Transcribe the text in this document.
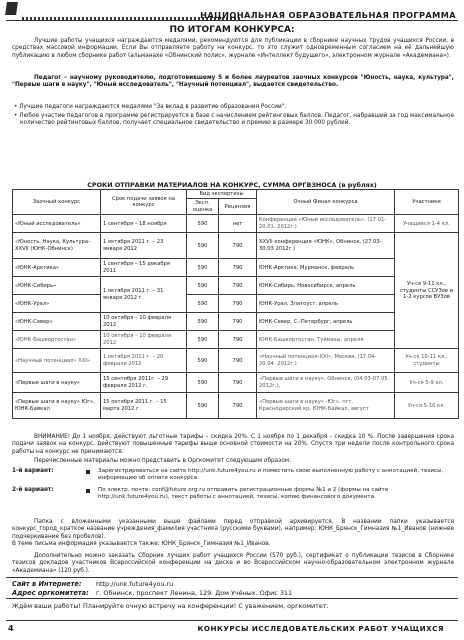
НАЦИОНАЛЬНАЯ ОБРАЗОВАТЕЛЬНАЯ ПРОГРАММА
ПО ИТОГАМ КОНКУРСА:
Лучшие работы учащихся награждаются медалями, рекомендуются для публикации в сборнике научных трудов учащихся России, в средствах массовой информации. Если Вы отправляете работу на конкурс, то это служит одновременным согласием на её дальнейшую публикацию в любом сборнике работ (альманахе «Обнинский полис», журнале «Интеллект будущего», электронном журнале «Академиана»).
Педагог – научному руководителю, подготовившему 5 и более лауреатов заочных конкурсов "Юность, наука, культура", "Первые шаги в науку", "Юный исследователь", "Научный потенциал", выдается свидетельство.
• Лучшие педагоги награждаются медалями "За вклад в развитие образования России".
• Любое участие педагогов в программе регистрируется в базе с начислением рейтинговых баллов. Педагог, набравший за год максимальное количество рейтинговых баллов, получает специальное свидетельство и премию в размере 30 000 рублей.
СРОКИ ОТПРАВКИ МАТЕРИАЛОВ НА КОНКУРС, СУММА ОРГВЗНОСА (в рублях)
Заочный конкурс	Срок подачи заявок на конкурс	Вид экспертизы		Очный Финал конкурса	Участники
		Эксп. оценка	Рецензия		
«Юный исследователь»	1 сентября – 18 ноября	590	нет	Конференция «Юный исследователь», (17.01-20.01. 2012г.)	Учащиеся 1-4 кл.
«Юность, Наука, Культура-XXVII (ЮНК-Обнинск)	1 октября 2011 г. – 23 января 2012	590	790	XXVII конференция «ЮНК», Обнинск, (27.03-30.03 2012г.)	Уч-ся 9-11 кл., студенты ССУЗов и 1-2 курсов ВУЗов
«ЮНК-Арктика»	1 сентября – 15 декабря 2011	590	790	ЮНК-Арктика, Мурманск, февраль	
«ЮНК-Сибирь»	1 октября 2011 г. – 31 января 2012 г.	590	790	ЮНК-Сибирь, Новосибирск, апрель	
«ЮНК-Урал»		590	790	ЮНК-Урал, Златоуст, апрель	
«ЮНК-Север»	10 октября – 10 февраля 2012	590	790	ЮНК-Север, С.-Петербург, апрель	
«ЮНК-Башкортостан»	10 октября – 10 февраля 2012	590	790	ЮНК-Башкортостан, Туймазы, апреля	
«Научный потенциал» XXI»	1 октября 2011 г. – 20 февраля 2012	590	790	«Научный потенциал-XXI», Москва, (17.04-20.04. 2012г.)	Уч-ся 10-11 кл., студенты
«Первые шаги в науку»	15 сентября 2011г. – 29 февраля 2012 г.	590	790	«Первые шаги в науку», Обнинск, (04.03-07.05. 2012г.),	Уч-ся 5-9 кл.
«Первые шаги в науку» Юг», ЮНК-Байкал	15 октября 2011 г. – 15 марта 2012 г.	590	790	«Первые шаги в науку» -Юг», пгт. Краснодарский кр, ЮНК-Байкал, август	Уч-ся 5-10 кл.
ВНИМАНИЕ! До 1 ноября, действуют льготные тарифы – скидка 20%. С 1 ноября по 1 декабря – скидка 10 %. После завершения срока подачи заявок на конкурс, действуют повышенные тарифы выше основной стоимости на 20%. Спустя три недели после контрольного срока работы на конкурс не принимаются.
Перечисленные материалы можно представить в Оргкомитет следующим образом:
1-й вариант:	Зарегистрироваться на сайте http://unk.future4you.ru и поместить свою выполненную работу с аннотацией, тезисы, информацию об оплате конкурса.
2-й вариант:	По электр. почте: conf@future.org.ru отправить регистрационные формы №1 и 2 (формы на сайте http://unk.future4you.ru), текст работы с аннотацией, тезисы, копию финансового документа.
Папка с вложенными указанными выше файлами перед отправкой архивируется. В названии папки указывается конкурс_город_краткое название учреждения_фамилия участника (русскими буквами), например: ЮНК_Брянск_Гимназия №1_Иванов (нижнее подчеркивание без пробелов).
В теме письма информация указывается также: ЮНК_Брянск_Гимназия №1_Иванов.
Дополнительно можно заказать Сборник лучших работ учащихся России (570 руб.), сертификат о публикации тезисов в Сборнике тезисов докладов участников Всероссийской конференции на диске и во Всероссийском научно-образовательном электронном журнале «Академиана» (120 руб.).
Сайт в Интернете: http://unk.future4you.ru
Адрес оргкомитета: г. Обнинск, проспект Ленина, 129. Дом Учёных. Офис 311
Ждём ваши работы! Планируйте очную встречу на конференции! С уважением, оргкомитет.
4	КОНКУРСЫ ИССЛЕДОВАТЕЛЬСКИХ РАБОТ УЧАЩИХСЯ
